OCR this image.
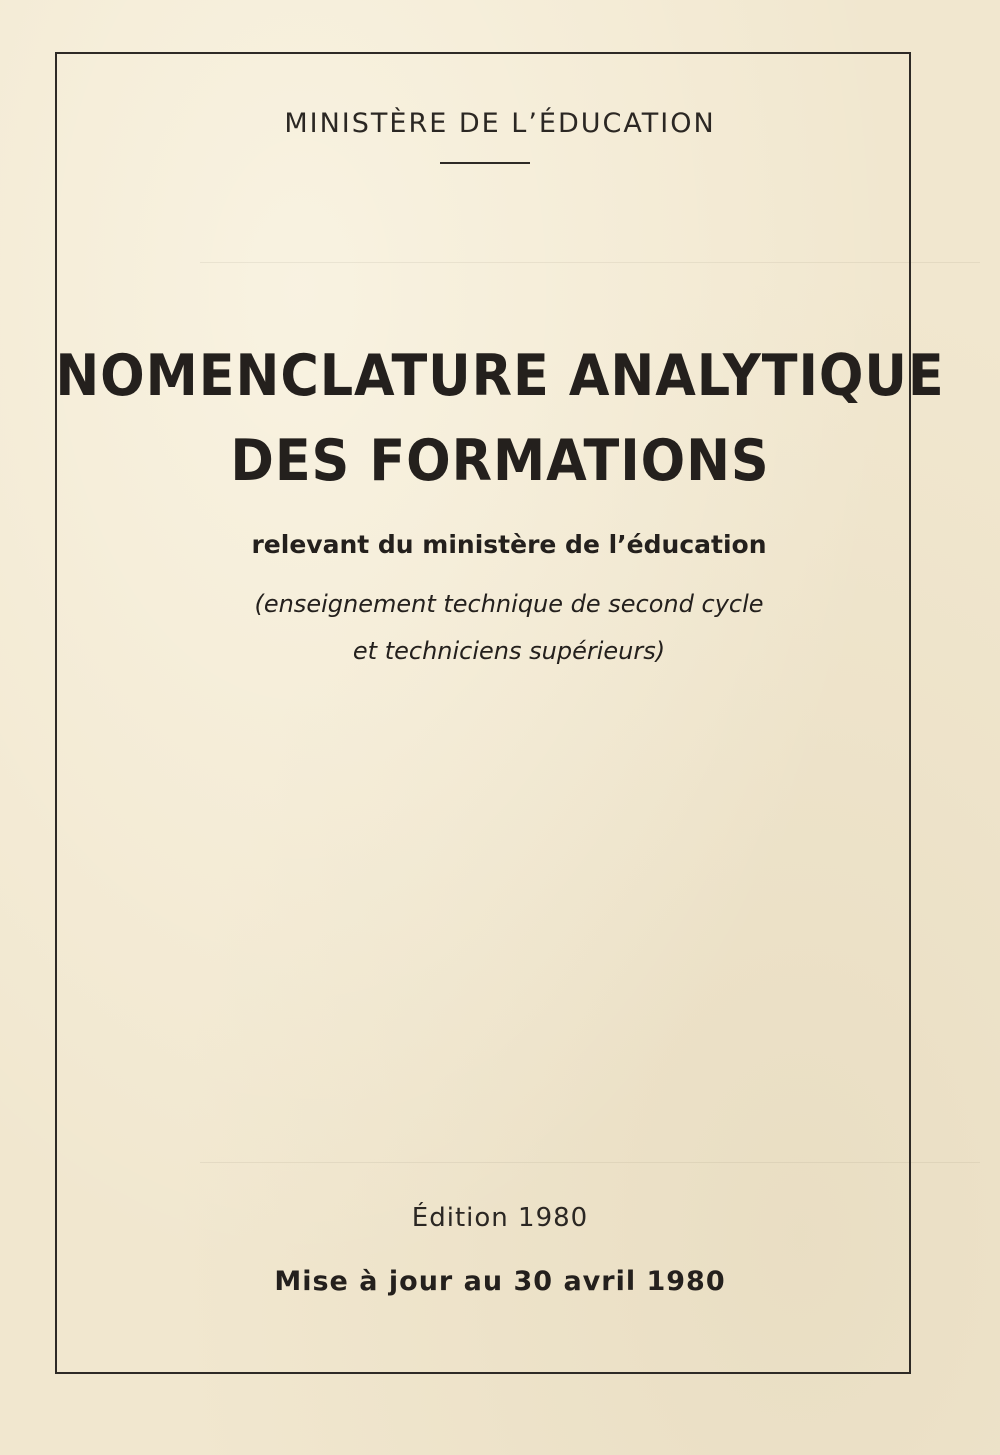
MINISTÈRE DE L’ÉDUCATION
NOMENCLATURE ANALYTIQUE
DES FORMATIONS
relevant du ministère de l’éducation
(enseignement technique de second cycle
et techniciens supérieurs)
Édition 1980
Mise à jour au 30 avril 1980
